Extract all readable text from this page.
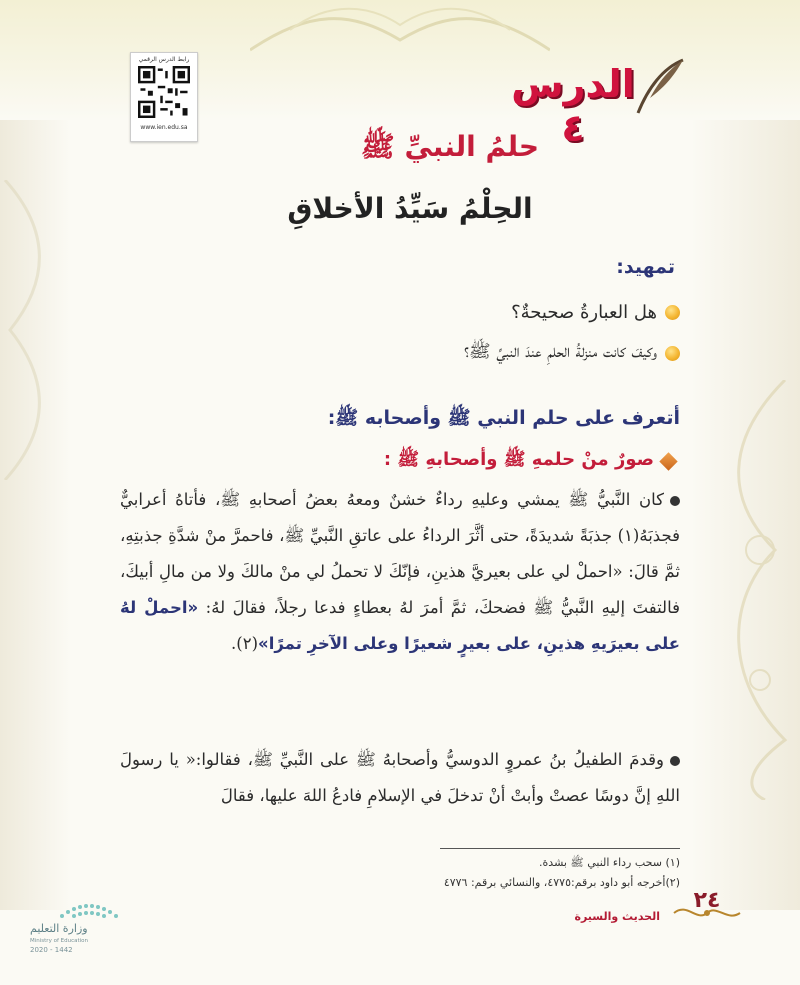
رابط الدرس الرقمي
www.ien.edu.sa
الدرس ٤
حلمُ النبيِّ ﷺ
الحِلْمُ سَيِّدُ الأخلاقِ
تمهيد:
هل العبارةُ صحيحةٌ؟
وكيفَ كانت منزلةُ الحلمِ عندَ النبيِّ ﷺ؟
أتعرف على حلم النبي ﷺ وأصحابه ﷺ:
صورٌ منْ حلمهِ ﷺ وأصحابهِ ﷺ :
كان النَّبيُّ ﷺ يمشي وعليهِ رداءٌ خشنٌ ومعهُ بعضُ أصحابهِ ﷺ، فأتاهُ أعرابيٌّ فجذبَهُ(١) جذبَةً شديدَةً، حتى أثَّرَ الرداءُ على عاتقِ النَّبيِّ ﷺ، فاحمرَّ منْ شدَّةِ جذبتِهِ، ثمَّ قالَ: «احملْ لي على بعيريَّ هذينِ، فإنّكَ لا تحملُ لي منْ مالكَ ولا من مالِ أبيكَ، فالتفتَ إليهِ النَّبيُّ ﷺ فضحكَ، ثمَّ أمرَ لهُ بعطاءٍ فدعا رجلاً، فقالَ لهُ: «احملْ لهُ على بعيرَيهِ هذينِ، على بعيرٍ شعيرًا وعلى الآخرِ تمرًا»(٢).
وقدمَ الطفيلُ بنُ عمروٍ الدوسيُّ وأصحابهُ ﷺ على النَّبيِّ ﷺ، فقالوا:« يا رسولَ اللهِ إنَّ دوسًا عصتْ وأبتْ أنْ تدخلَ في الإسلامِ فادعُ اللهَ عليها، فقالَ
(١) سحب رداء النبي ﷺ بشدة.
(٢)أخرجه أبو داود برقم:٤٧٧٥، والنسائي برقم: ٤٧٧٦
٢٤
الحديث والسيرة
وزارة التعليم
Ministry of Education
2020 - 1442
